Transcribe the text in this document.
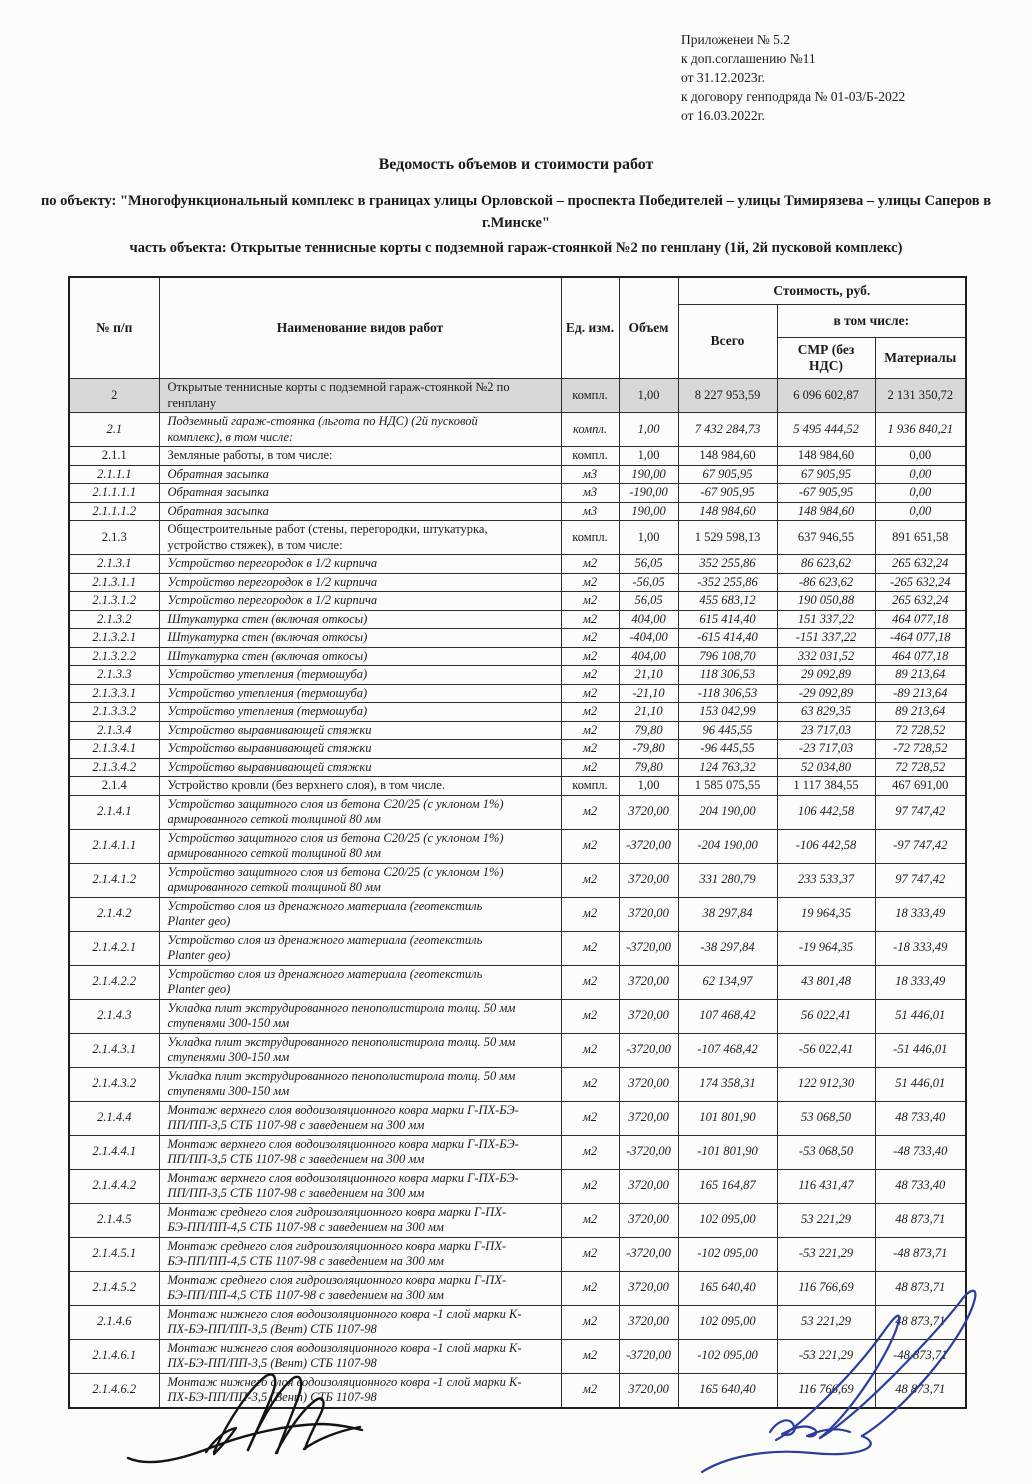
Приложенеи № 5.2
к доп.соглашению №11
от 31.12.2023г.
к договору генподряда № 01-03/Б-2022
от 16.03.2022г.
Ведомость объемов и стоимости работ

по объекту: "Многофункциональный комплекс в границах улицы Орловской – проспекта Победителей – улицы Тимирязева – улицы Саперов в г.Минске"

часть объекта: Открытые теннисные корты с подземной гараж-стоянкой №2 по генплану (1й, 2й пусковой комплекс)

№ п/п	Наименование видов работ	Ед. изм.	Объем	Стоимость, руб.		
				Всего	в том числе:	
					СМР (без НДС)	Материалы
2	Открытые теннисные корты с подземной гараж-стоянкой №2 по генплану	компл.	1,00	8 227 953,59	6 096 602,87	2 131 350,72
2.1	Подземный гараж-стоянка (льгота по НДС) (2й пусковой комплекс), в том числе:	компл.	1,00	7 432 284,73	5 495 444,52	1 936 840,21
2.1.1	Земляные работы, в том числе:	компл.	1,00	148 984,60	148 984,60	0,00
2.1.1.1	Обратная засыпка	м3	190,00	67 905,95	67 905,95	0,00
2.1.1.1.1	Обратная засыпка	м3	-190,00	-67 905,95	-67 905,95	0,00
2.1.1.1.2	Обратная засыпка	м3	190,00	148 984,60	148 984,60	0,00
2.1.3	Общестроительные работ (стены, перегородки, штукатурка, устройство стяжек), в том числе:	компл.	1,00	1 529 598,13	637 946,55	891 651,58
2.1.3.1	Устройство перегородок в 1/2 кирпича	м2	56,05	352 255,86	86 623,62	265 632,24
2.1.3.1.1	Устройство перегородок в 1/2 кирпича	м2	-56,05	-352 255,86	-86 623,62	-265 632,24
2.1.3.1.2	Устройство перегородок в 1/2 кирпича	м2	56,05	455 683,12	190 050,88	265 632,24
2.1.3.2	Штукатурка стен (включая откосы)	м2	404,00	615 414,40	151 337,22	464 077,18
2.1.3.2.1	Штукатурка стен (включая откосы)	м2	-404,00	-615 414,40	-151 337,22	-464 077,18
2.1.3.2.2	Штукатурка стен (включая откосы)	м2	404,00	796 108,70	332 031,52	464 077,18
2.1.3.3	Устройство утепления (термошуба)	м2	21,10	118 306,53	29 092,89	89 213,64
2.1.3.3.1	Устройство утепления (термошуба)	м2	-21,10	-118 306,53	-29 092,89	-89 213,64
2.1.3.3.2	Устройство утепления (термошуба)	м2	21,10	153 042,99	63 829,35	89 213,64
2.1.3.4	Устройство выравнивающей стяжки	м2	79,80	96 445,55	23 717,03	72 728,52
2.1.3.4.1	Устройство выравнивающей стяжки	м2	-79,80	-96 445,55	-23 717,03	-72 728,52
2.1.3.4.2	Устройство выравнивающей стяжки	м2	79,80	124 763,32	52 034,80	72 728,52
2.1.4	Устройство кровли (без верхнего слоя), в том числе.	компл.	1,00	1 585 075,55	1 117 384,55	467 691,00
2.1.4.1	Устройство защитного слоя из бетона С20/25 (с уклоном 1%) армированного сеткой толщиной 80 мм	м2	3720,00	204 190,00	106 442,58	97 747,42
2.1.4.1.1	Устройство защитного слоя из бетона С20/25 (с уклоном 1%) армированного сеткой толщиной 80 мм	м2	-3720,00	-204 190,00	-106 442,58	-97 747,42
2.1.4.1.2	Устройство защитного слоя из бетона С20/25 (с уклоном 1%) армированного сеткой толщиной 80 мм	м2	3720,00	331 280,79	233 533,37	97 747,42
2.1.4.2	Устройство слоя из дренажного материала (геотекстиль Planter geo)	м2	3720,00	38 297,84	19 964,35	18 333,49
2.1.4.2.1	Устройство слоя из дренажного материала (геотекстиль Planter geo)	м2	-3720,00	-38 297,84	-19 964,35	-18 333,49
2.1.4.2.2	Устройство слоя из дренажного материала (геотекстиль Planter geo)	м2	3720,00	62 134,97	43 801,48	18 333,49
2.1.4.3	Укладка плит экструдированного пенополистирола толщ. 50 мм ступенями 300-150 мм	м2	3720,00	107 468,42	56 022,41	51 446,01
2.1.4.3.1	Укладка плит экструдированного пенополистирола толщ. 50 мм ступенями 300-150 мм	м2	-3720,00	-107 468,42	-56 022,41	-51 446,01
2.1.4.3.2	Укладка плит экструдированного пенополистирола толщ. 50 мм ступенями 300-150 мм	м2	3720,00	174 358,31	122 912,30	51 446,01
2.1.4.4	Монтаж верхнего слоя водоизоляционного ковра марки Г-ПХ-БЭ-ПП/ПП-3,5 СТБ 1107-98 с заведением на 300 мм	м2	3720,00	101 801,90	53 068,50	48 733,40
2.1.4.4.1	Монтаж верхнего слоя водоизоляционного ковра марки Г-ПХ-БЭ-ПП/ПП-3,5 СТБ 1107-98 с заведением на 300 мм	м2	-3720,00	-101 801,90	-53 068,50	-48 733,40
2.1.4.4.2	Монтаж верхнего слоя водоизоляционного ковра марки Г-ПХ-БЭ-ПП/ПП-3,5 СТБ 1107-98 с заведением на 300 мм	м2	3720,00	165 164,87	116 431,47	48 733,40
2.1.4.5	Монтаж среднего слоя гидроизоляционного ковра марки Г-ПХ-БЭ-ПП/ПП-4,5 СТБ 1107-98 с заведением на 300 мм	м2	3720,00	102 095,00	53 221,29	48 873,71
2.1.4.5.1	Монтаж среднего слоя гидроизоляционного ковра марки Г-ПХ-БЭ-ПП/ПП-4,5 СТБ 1107-98 с заведением на 300 мм	м2	-3720,00	-102 095,00	-53 221,29	-48 873,71
2.1.4.5.2	Монтаж среднего слоя гидроизоляционного ковра марки Г-ПХ-БЭ-ПП/ПП-4,5 СТБ 1107-98 с заведением на 300 мм	м2	3720,00	165 640,40	116 766,69	48 873,71
2.1.4.6	Монтаж нижнего слоя водоизоляционного ковра -1 слой марки К-ПХ-БЭ-ПП/ПП-3,5 (Вент) СТБ 1107-98	м2	3720,00	102 095,00	53 221,29	48 873,71
2.1.4.6.1	Монтаж нижнего слоя водоизоляционного ковра -1 слой марки К-ПХ-БЭ-ПП/ПП-3,5 (Вент) СТБ 1107-98	м2	-3720,00	-102 095,00	-53 221,29	-48 873,71
2.1.4.6.2	Монтаж нижнего слоя водоизоляционного ковра -1 слой марки К-ПХ-БЭ-ПП/ПП-3,5 (Вент) СТБ 1107-98	м2	3720,00	165 640,40	116 766,69	48 873,71
